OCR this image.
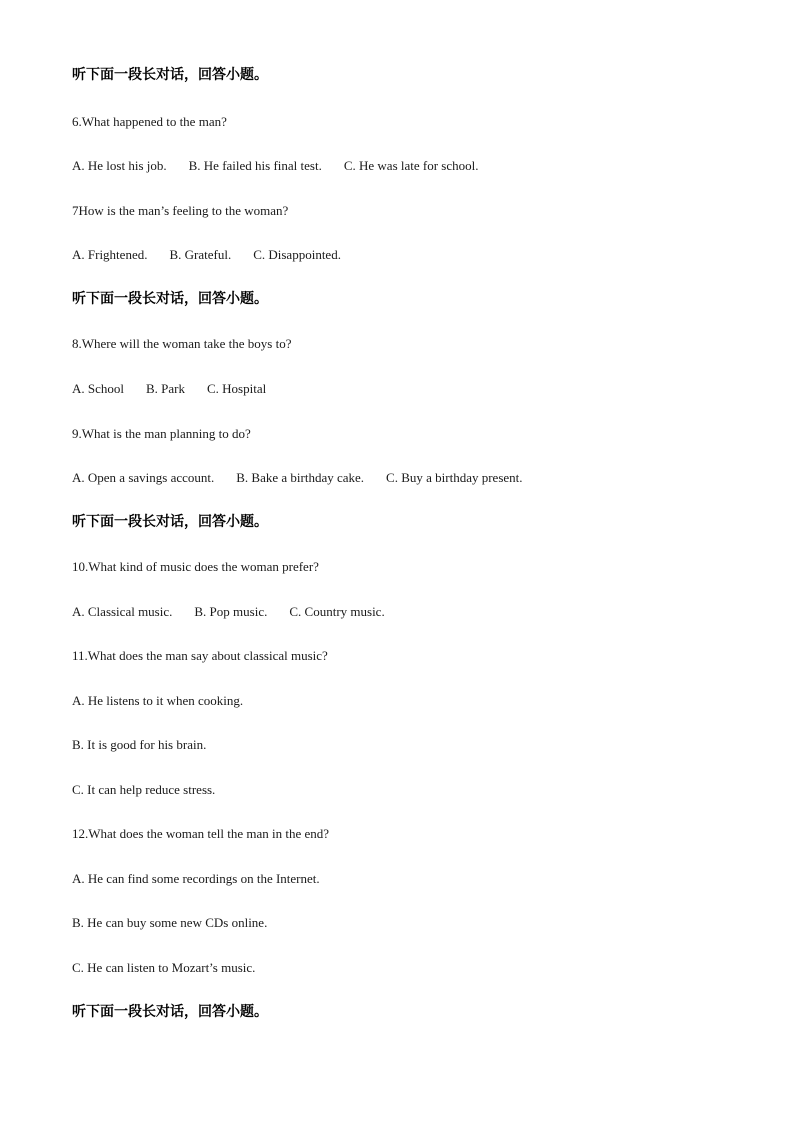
听下面一段长对话，回答小题。
6.What happened to the man?
A. He lost his job. B. He failed his final test. C. He was late for school.
7How is the man’s feeling to the woman?
A. Frightened. B. Grateful. C. Disappointed.
听下面一段长对话，回答小题。
8.Where will the woman take the boys to?
A. School B. Park C. Hospital
9.What is the man planning to do?
A. Open a savings account. B. Bake a birthday cake. C. Buy a birthday present.
听下面一段长对话，回答小题。
10.What kind of music does the woman prefer?
A. Classical music. B. Pop music. C. Country music.
11.What does the man say about classical music?
A. He listens to it when cooking.
B. It is good for his brain.
C. It can help reduce stress.
12.What does the woman tell the man in the end?
A. He can find some recordings on the Internet.
B. He can buy some new CDs online.
C. He can listen to Mozart’s music.
听下面一段长对话，回答小题。
